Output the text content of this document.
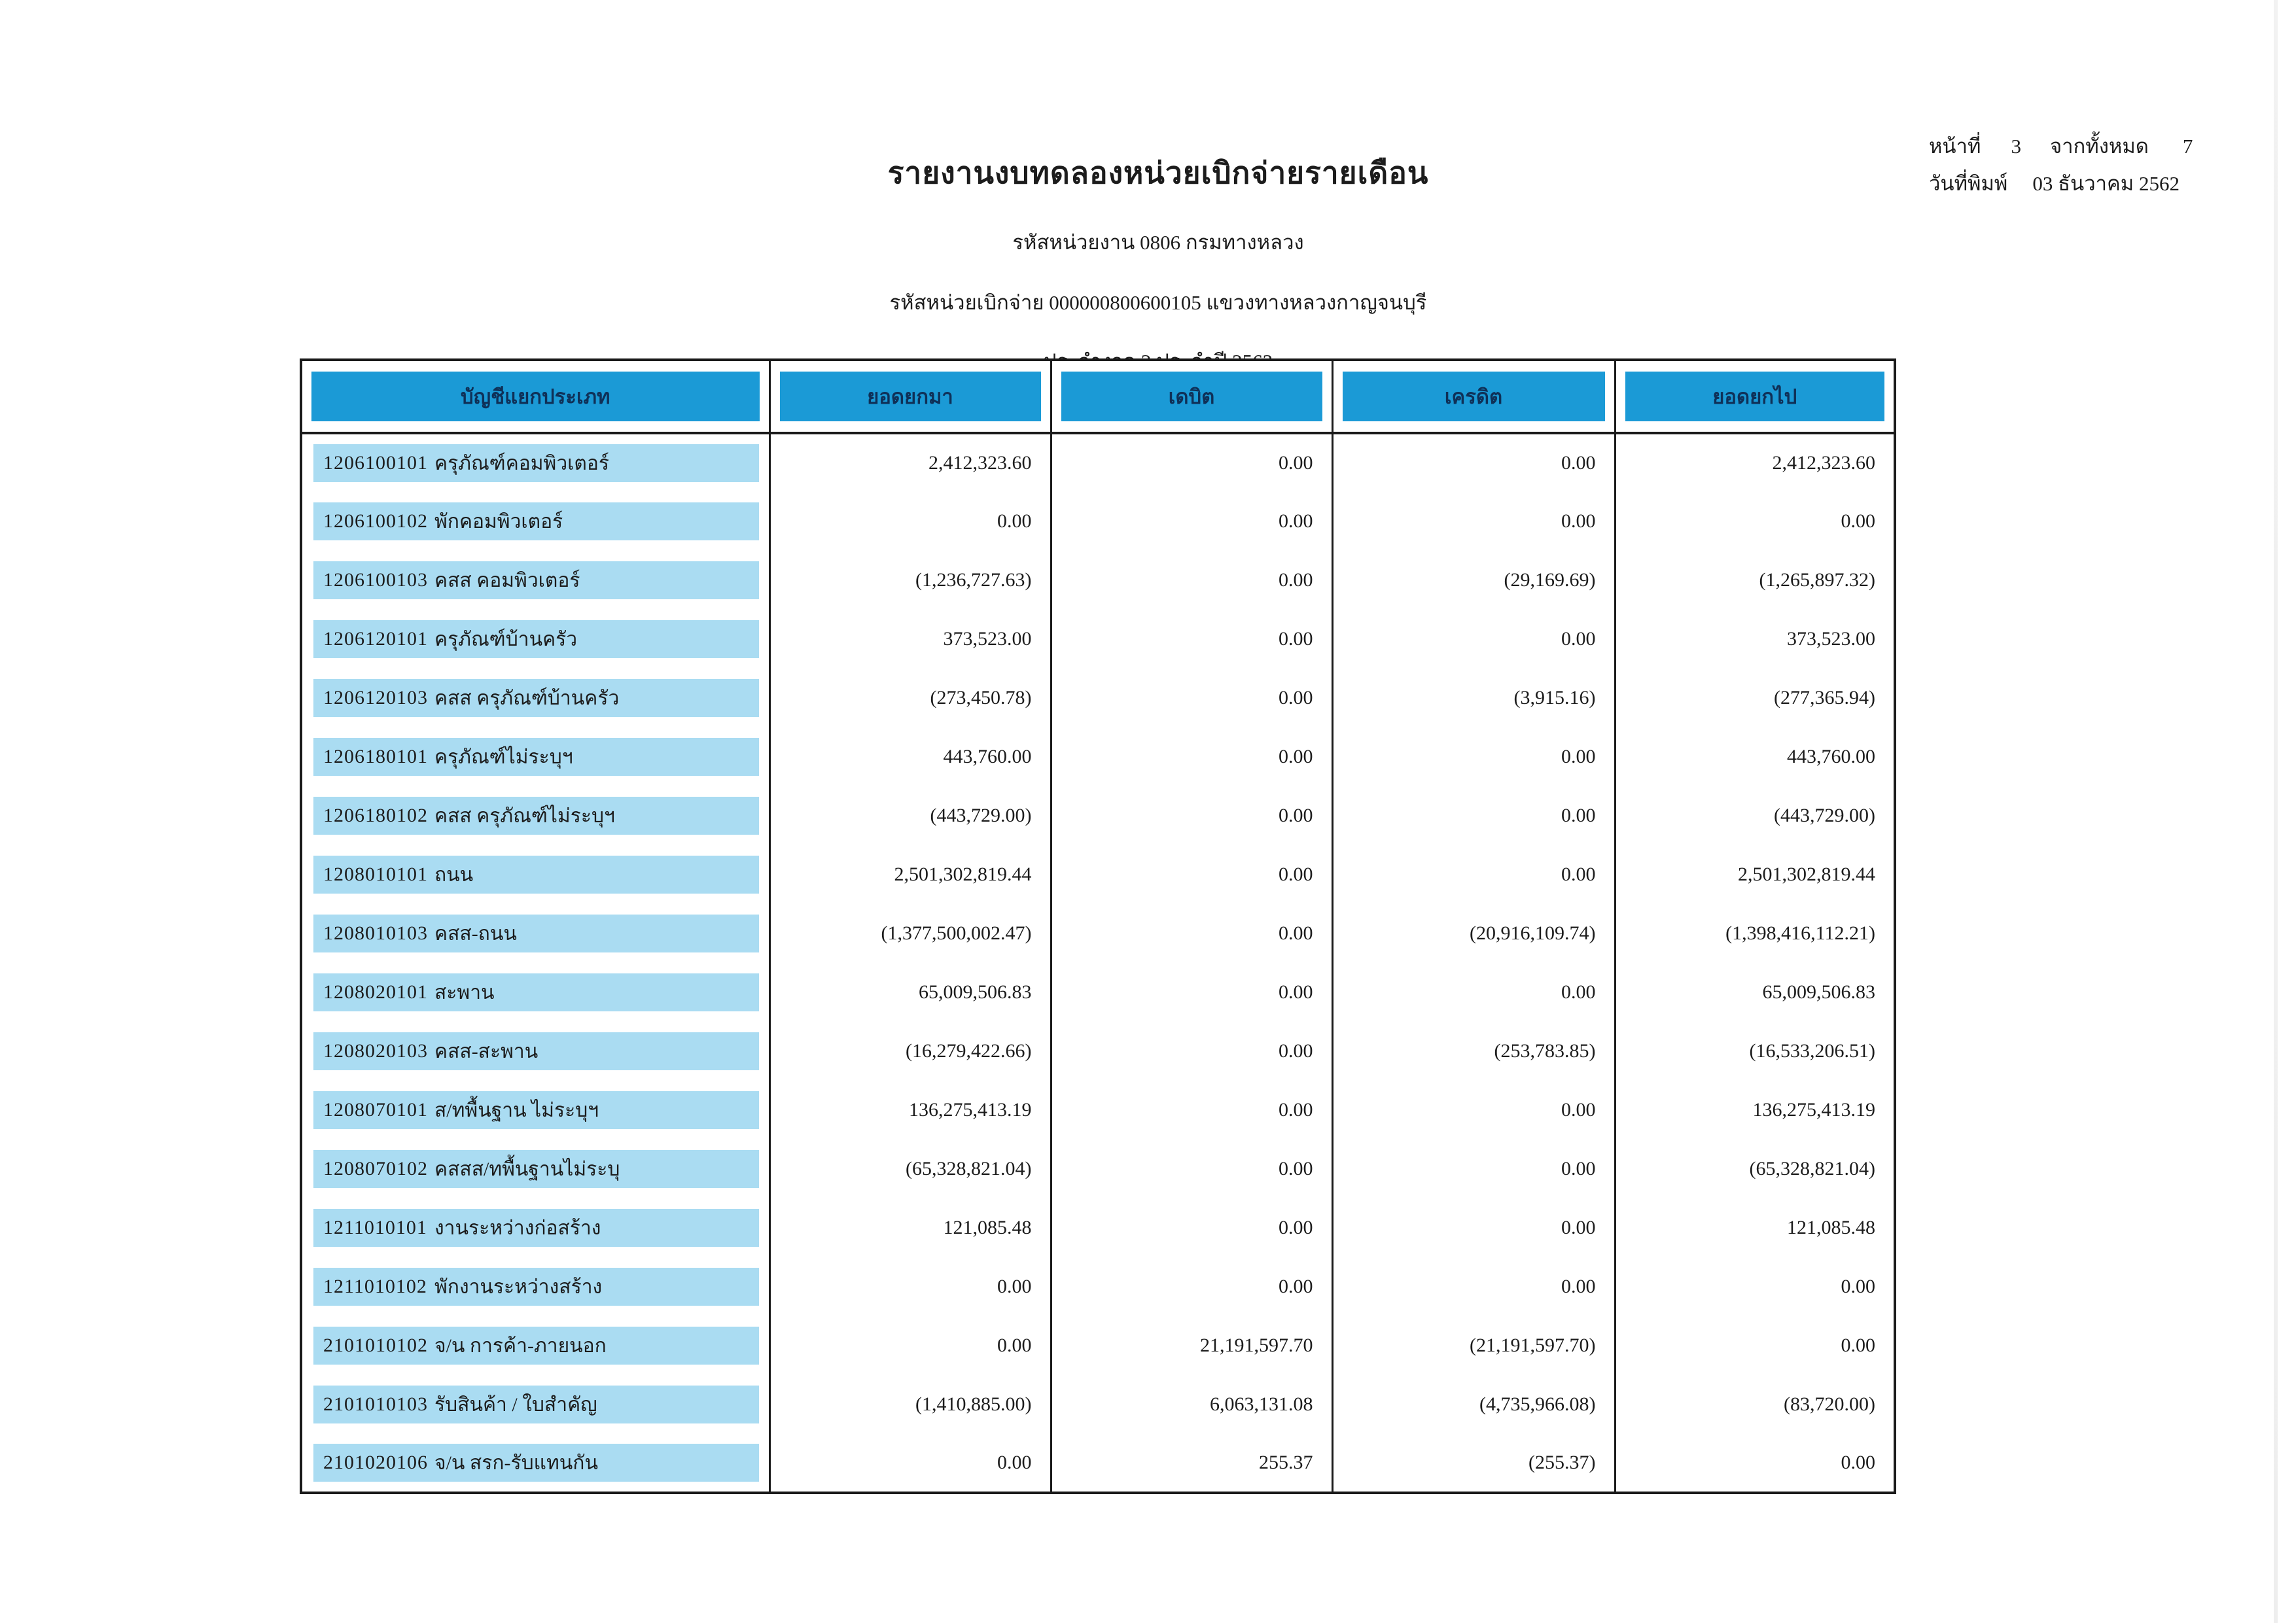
หน้าที่ 3 จากทั้งหมด 7
วันที่พิมพ์ 03 ธันวาคม 2562
รายงานงบทดลองหน่วยเบิกจ่ายรายเดือน
รหัสหน่วยงาน 0806 กรมทางหลวง
รหัสหน่วยเบิกจ่าย 000000800600105 แขวงทางหลวงกาญจนบุรี
บัญชีแยกประเภท	ยอดยกมา	เดบิต	เครดิต	ยอดยกไป

1206100101 ครุภัณฑ์คอมพิวเตอร์	2,412,323.60	0.00	0.00	2,412,323.60

1206100102 พักคอมพิวเตอร์	0.00	0.00	0.00	0.00

1206100103 คสส คอมพิวเตอร์	(1,236,727.63)	0.00	(29,169.69)	(1,265,897.32)

1206120101 ครุภัณฑ์บ้านครัว	373,523.00	0.00	0.00	373,523.00

1206120103 คสส ครุภัณฑ์บ้านครัว	(273,450.78)	0.00	(3,915.16)	(277,365.94)

1206180101 ครุภัณฑ์ไม่ระบุฯ	443,760.00	0.00	0.00	443,760.00

1206180102 คสส ครุภัณฑ์ไม่ระบุฯ	(443,729.00)	0.00	0.00	(443,729.00)

1208010101 ถนน	2,501,302,819.44	0.00	0.00	2,501,302,819.44

1208010103 คสส-ถนน	(1,377,500,002.47)	0.00	(20,916,109.74)	(1,398,416,112.21)

1208020101 สะพาน	65,009,506.83	0.00	0.00	65,009,506.83

1208020103 คสส-สะพาน	(16,279,422.66)	0.00	(253,783.85)	(16,533,206.51)

1208070101 ส/ทพื้นฐาน ไม่ระบุฯ	136,275,413.19	0.00	0.00	136,275,413.19

1208070102 คสสส/ทพื้นฐานไม่ระบุ	(65,328,821.04)	0.00	0.00	(65,328,821.04)

1211010101 งานระหว่างก่อสร้าง	121,085.48	0.00	0.00	121,085.48

1211010102 พักงานระหว่างสร้าง	0.00	0.00	0.00	0.00

2101010102 จ/น การค้า-ภายนอก	0.00	21,191,597.70	(21,191,597.70)	0.00

2101010103 รับสินค้า / ใบสำคัญ	(1,410,885.00)	6,063,131.08	(4,735,966.08)	(83,720.00)

2101020106 จ/น สรก-รับแทนกัน	0.00	255.37	(255.37)	0.00
